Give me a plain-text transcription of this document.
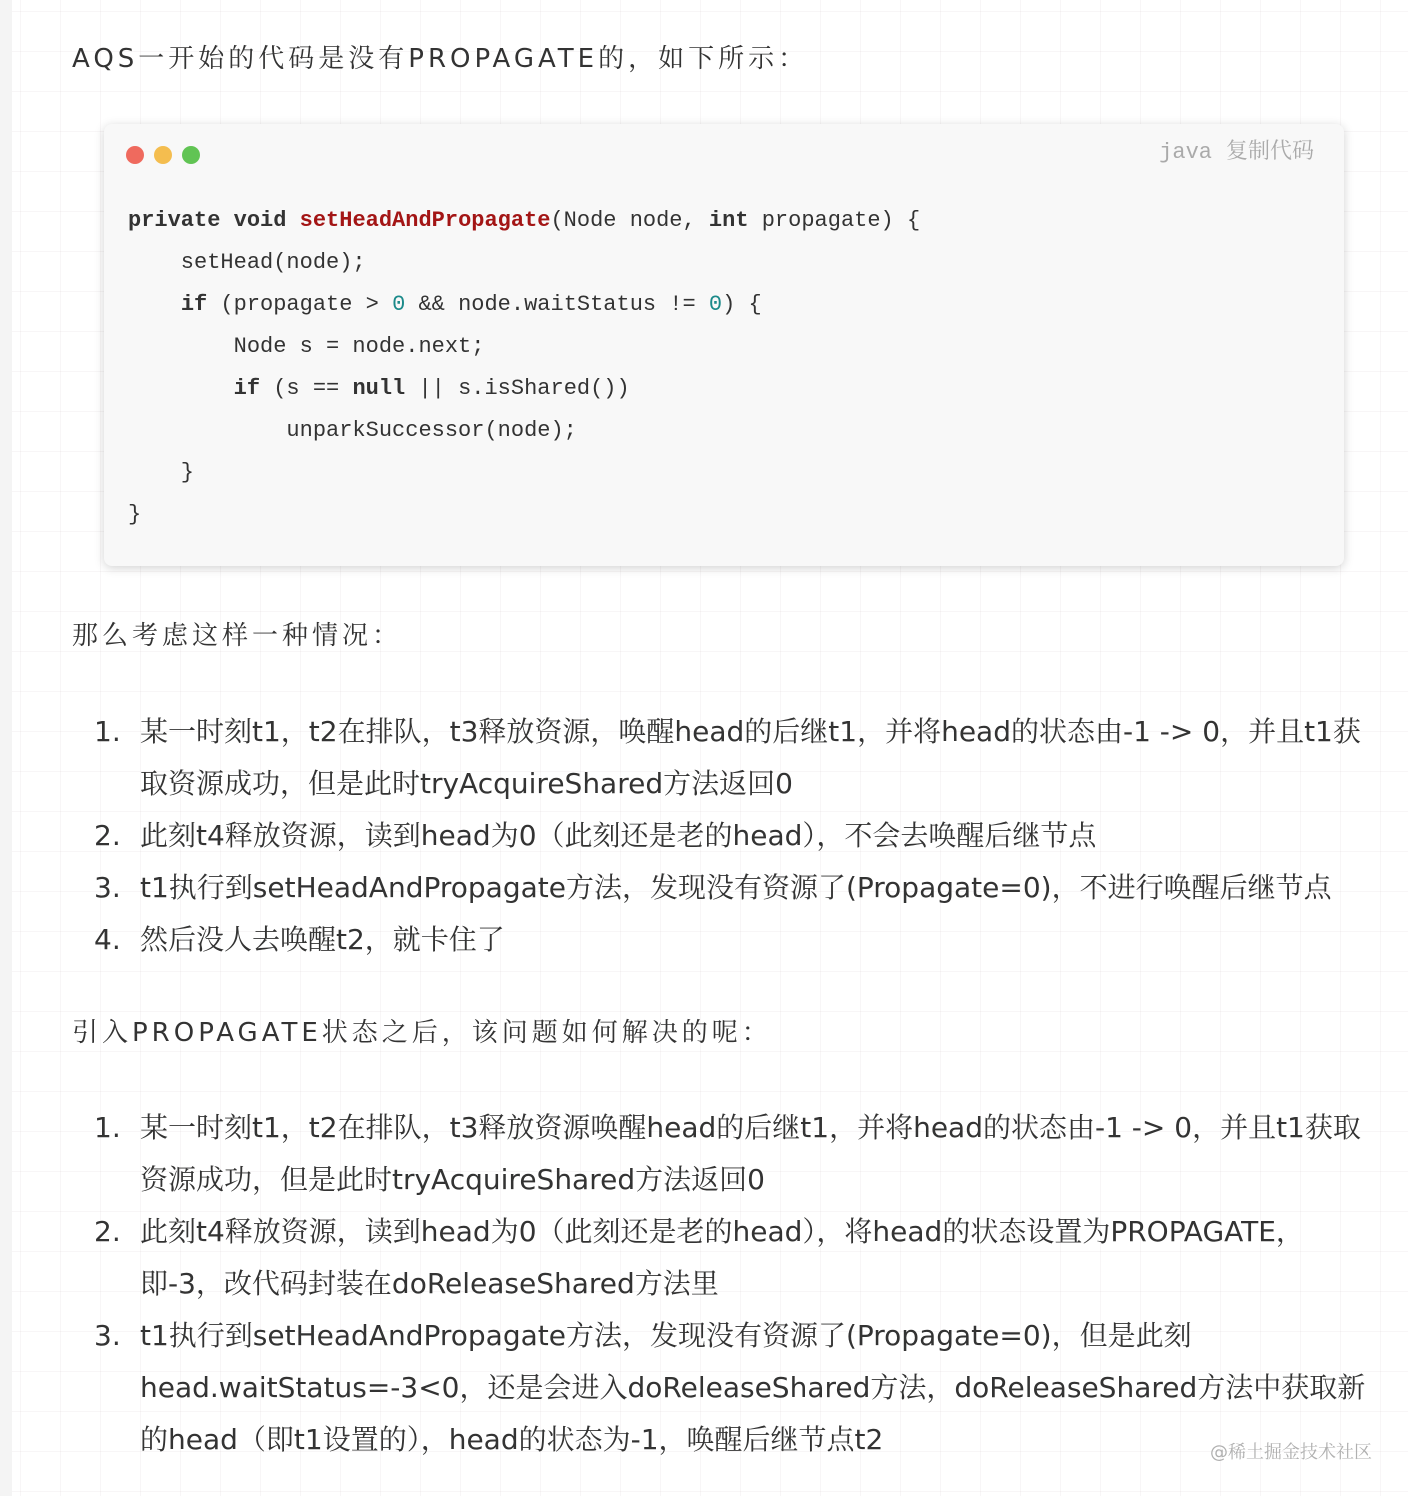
AQS一开始的代码是没有PROPAGATE的，如下所示：

java 复制代码
private void setHeadAndPropagate(Node node, int propagate) {
setHead(node);
if (propagate > 0 && node.waitStatus != 0) {
Node s = node.next;
if (s == null || s.isShared())
unparkSuccessor(node);
}
}

那么考虑这样一种情况：

1. 某一时刻t1，t2在排队，t3释放资源，唤醒head的后继t1，并将head的状态由-1 -> 0，并且t1获取资源成功，但是此时tryAcquireShared方法返回0
2. 此刻t4释放资源，读到head为0（此刻还是老的head），不会去唤醒后继节点
3. t1执行到setHeadAndPropagate方法，发现没有资源了(Propagate=0)，不进行唤醒后继节点
4. 然后没人去唤醒t2，就卡住了

引入PROPAGATE状态之后，该问题如何解决的呢：

1. 某一时刻t1，t2在排队，t3释放资源唤醒head的后继t1，并将head的状态由-1 -> 0，并且t1获取资源成功，但是此时tryAcquireShared方法返回0
2. 此刻t4释放资源，读到head为0（此刻还是老的head），将head的状态设置为PROPAGATE，即-3，改代码封装在doReleaseShared方法里
3. t1执行到setHeadAndPropagate方法，发现没有资源了(Propagate=0)，但是此刻head.waitStatus=-3<0，还是会进入doReleaseShared方法，doReleaseShared方法中获取新的head（即t1设置的），head的状态为-1，唤醒后继节点t2	@稀土掘金技术社区
